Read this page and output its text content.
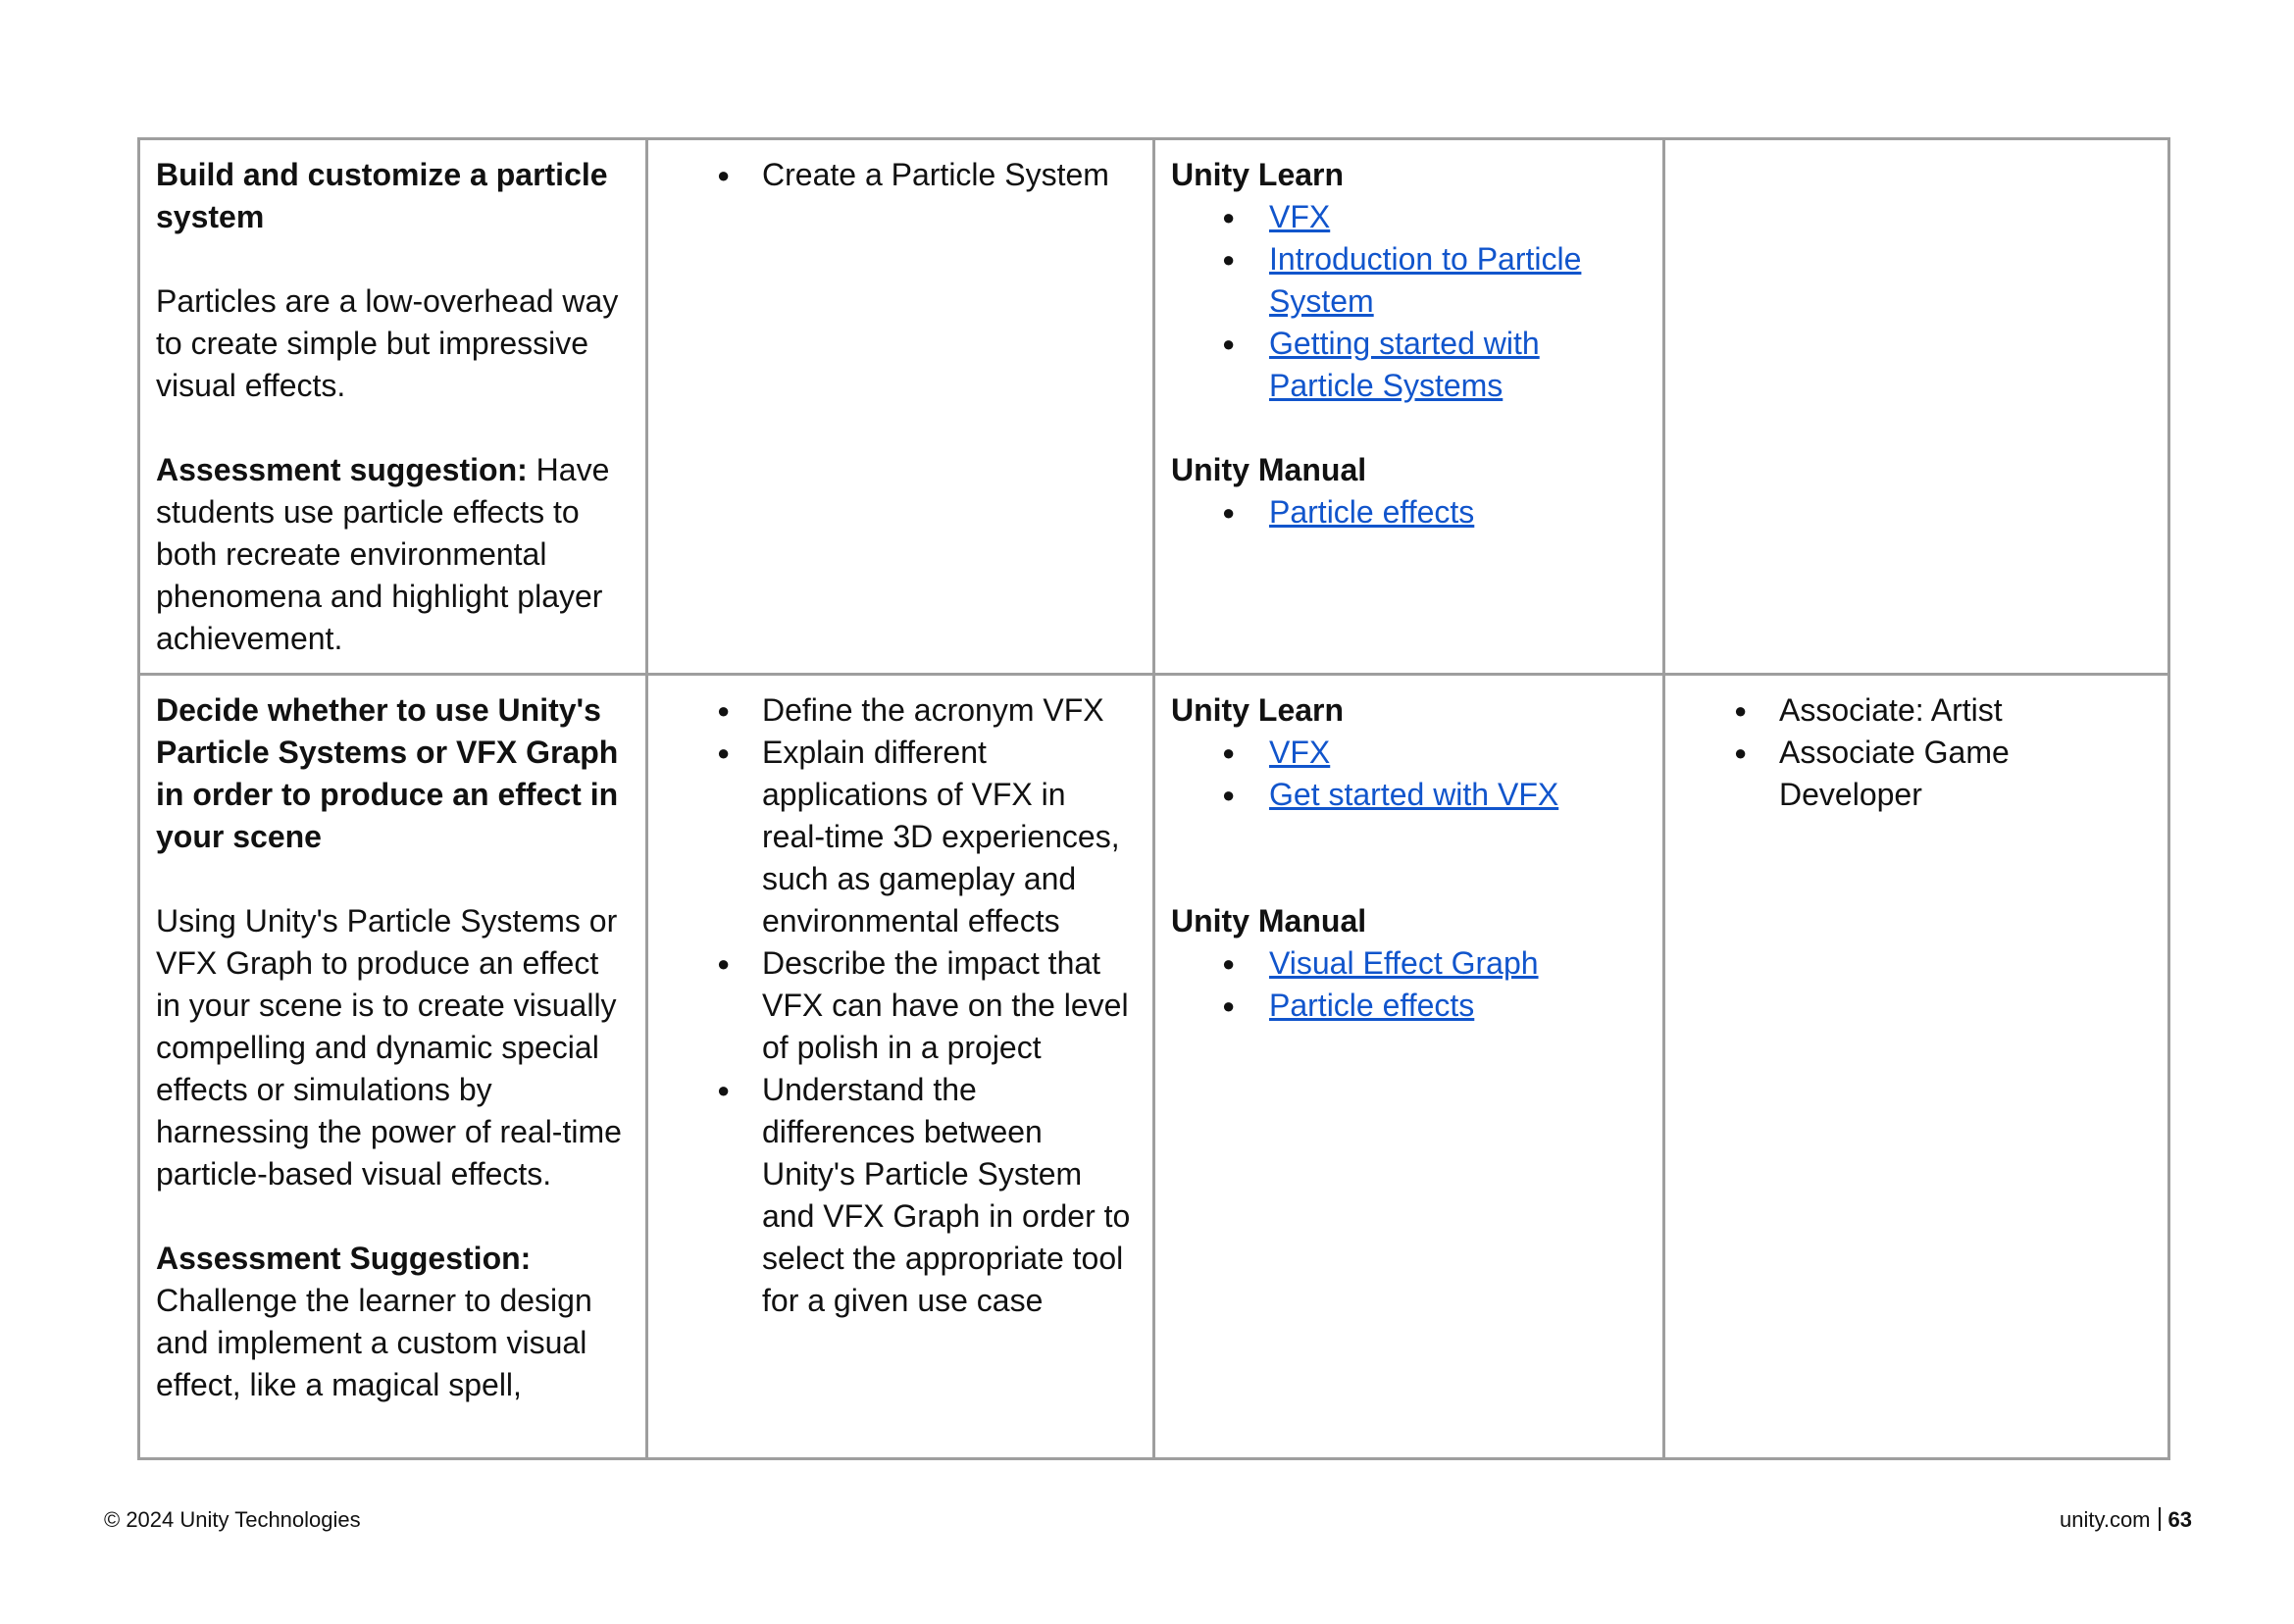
Build and customize a particle system

Particles are a low-overhead way to create simple but impressive visual effects.

Assessment suggestion: Have students use particle effects to both recreate environmental phenomena and highlight player achievement.

● Create a Particle System	Unity Learn

● VFX
● Introduction to Particle System
● Getting started with Particle Systems

Unity Manual

● Particle effects

Decide whether to use Unity's Particle Systems or VFX Graph in order to produce an effect in your scene

Using Unity's Particle Systems or VFX Graph to produce an effect in your scene is to create visually compelling and dynamic special effects or simulations by harnessing the power of real-time particle-based visual effects.

Assessment Suggestion:

Challenge the learner to design and implement a custom visual effect, like a magical spell,

● Define the acronym VFX
● Explain different applications of VFX in real-time 3D experiences, such as gameplay and environmental effects
● Describe the impact that VFX can have on the level of polish in a project
● Understand the differences between Unity's Particle System and VFX Graph in order to select the appropriate tool for a given use case

Unity Learn

● VFX
● Get started with VFX

Unity Manual

● Visual Effect Graph
● Particle effects
● Associate: Artist
● Associate Game Developer
© 2024 Unity Technologies	unity.com 63
